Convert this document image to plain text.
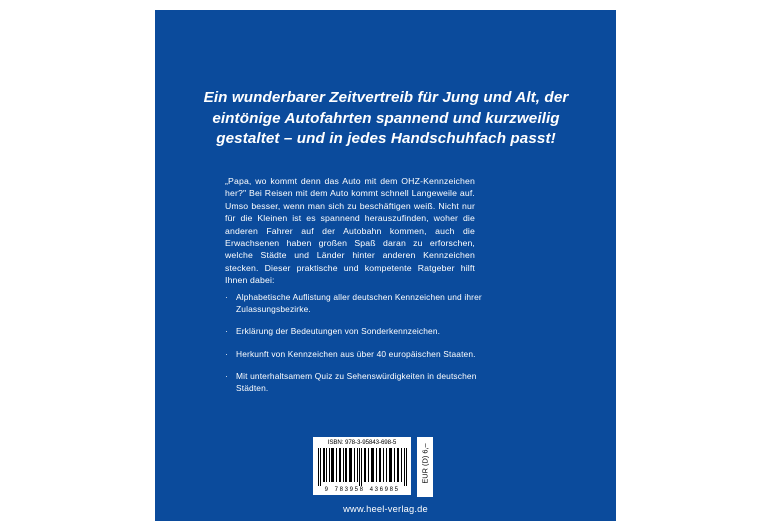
Ein wunderbarer Zeitvertreib für Jung und Alt, der eintönige Autofahrten spannend und kurzweilig gestaltet – und in jedes Handschuhfach passt!
„Papa, wo kommt denn das Auto mit dem OHZ-Kennzeichen her?" Bei Reisen mit dem Auto kommt schnell Langeweile auf. Umso besser, wenn man sich zu beschäftigen weiß. Nicht nur für die Kleinen ist es spannend herauszufinden, woher die anderen Fahrer auf der Autobahn kommen, auch die Erwachsenen haben großen Spaß daran zu erforschen, welche Städte und Länder hinter anderen Kennzeichen stecken. Dieser praktische und kompetente Ratgeber hilft Ihnen dabei:
· Alphabetische Auflistung aller deutschen Kennzeichen und ihrer Zulassungsbezirke.
· Erklärung der Bedeutungen von Sonderkennzeichen.
· Herkunft von Kennzeichen aus über 40 europäischen Staaten.
· Mit unterhaltsamem Quiz zu Sehenswürdigkeiten in deutschen Städten.
ISBN: 978-3-95843-698-5
9 783958 436985
EUR (D) 6,–
www.heel-verlag.de
